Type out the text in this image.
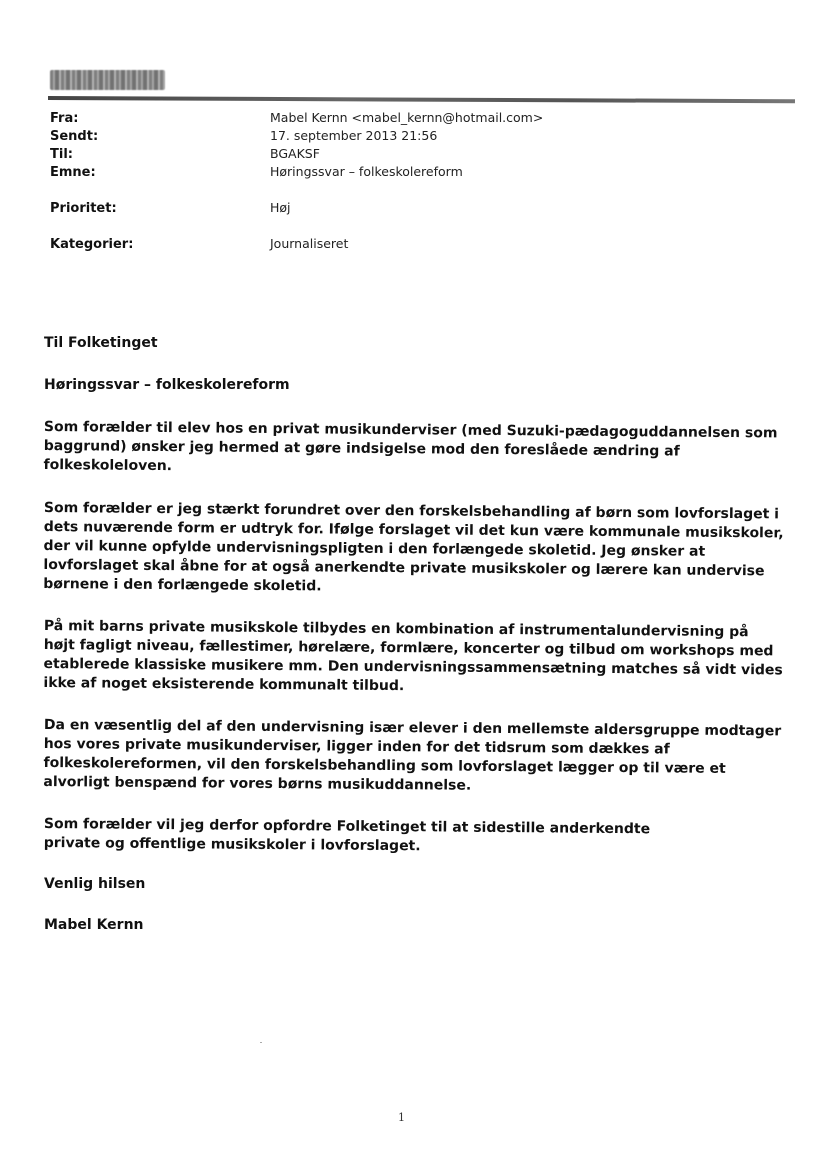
Fra:	Mabel Kernn <mabel_kernn@hotmail.com>
Sendt:	17. september 2013 21:56
Til:	BGAKSF
Emne:	Høringssvar – folkeskolereform
Prioritet:	Høj
Kategorier:	Journaliseret

Til Folketinget

Høringssvar – folkeskolereform

Som forælder til elev hos en privat musikunderviser (med Suzuki-pædagoguddannelsen som baggrund) ønsker jeg hermed at gøre indsigelse mod den foreslåede ændring af folkeskoleloven.

Som forælder er jeg stærkt forundret over den forskelsbehandling af børn som lovforslaget i dets nuværende form er udtryk for. Ifølge forslaget vil det kun være kommunale musikskoler, der vil kunne opfylde undervisningspligten i den forlængede skoletid. Jeg ønsker at lovforslaget skal åbne for at også anerkendte private musikskoler og lærere kan undervise børnene i den forlængede skoletid.

På mit barns private musikskole tilbydes en kombination af instrumentalundervisning på højt fagligt niveau, fællestimer, hørelære, formlære, koncerter og tilbud om workshops med etablerede klassiske musikere mm. Den undervisningssammensætning matches så vidt vides ikke af noget eksisterende kommunalt tilbud.

Da en væsentlig del af den undervisning især elever i den mellemste aldersgruppe modtager hos vores private musikunderviser, ligger inden for det tidsrum som dækkes af folkeskolereformen, vil den forskelsbehandling som lovforslaget lægger op til være et alvorligt benspænd for vores børns musikuddannelse.

Som forælder vil jeg derfor opfordre Folketinget til at sidestille anderkendte private og offentlige musikskoler i lovforslaget.

Venlig hilsen

Mabel Kernn

1
